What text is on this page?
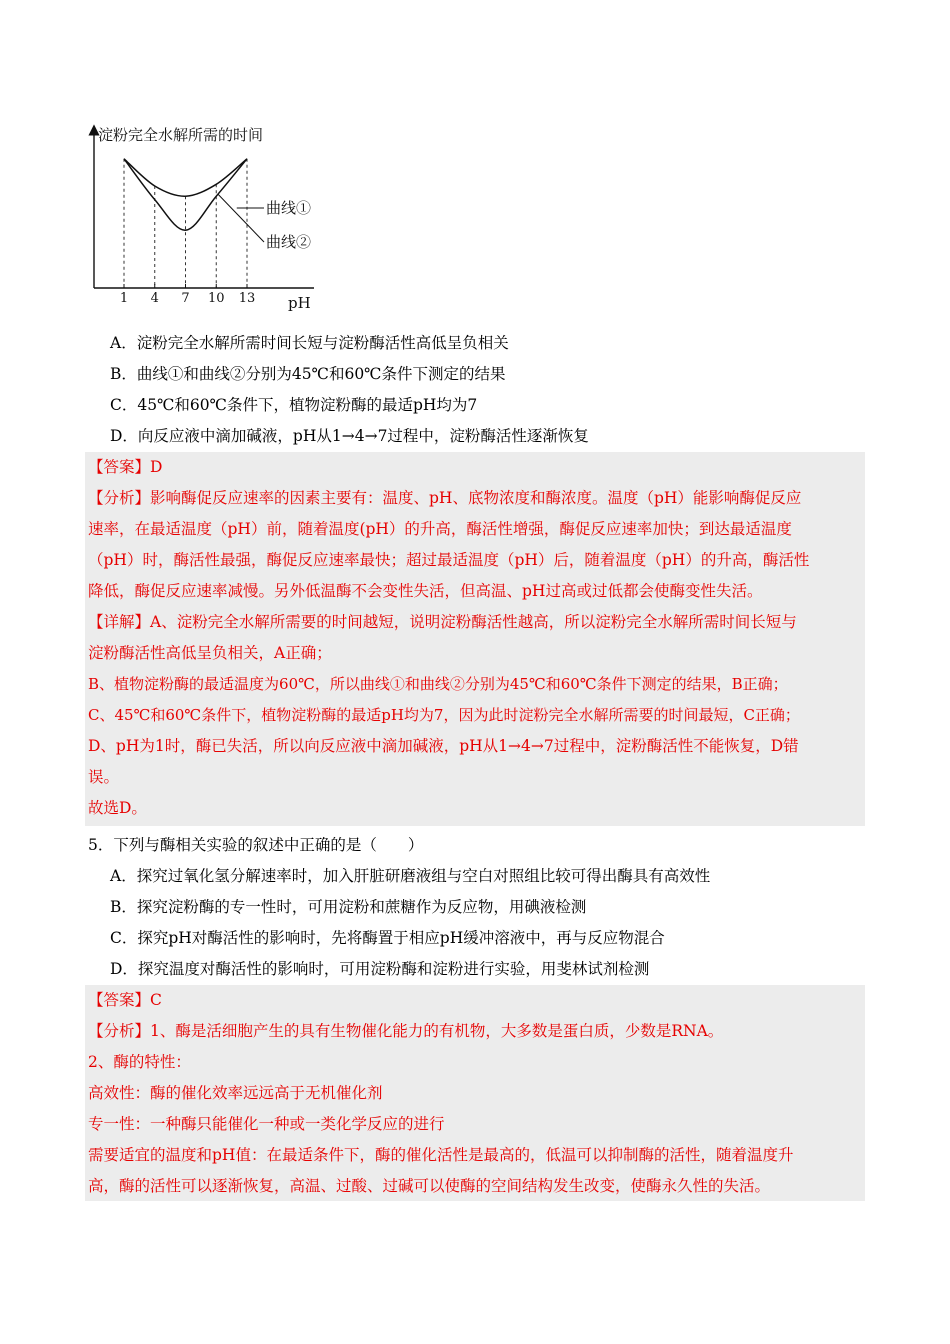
淀粉完全水解所需的时间
pH
1 4 7 10 13
曲线①
曲线②
A．淀粉完全水解所需时间长短与淀粉酶活性高低呈负相关
B．曲线①和曲线②分别为45℃和60℃条件下测定的结果
C．45℃和60℃条件下，植物淀粉酶的最适pH均为7
D．向反应液中滴加碱液，pH从1→4→7过程中，淀粉酶活性逐渐恢复
【答案】D
【分析】影响酶促反应速率的因素主要有：温度、pH、底物浓度和酶浓度。温度（pH）能影响酶促反应
速率，在最适温度（pH）前，随着温度(pH）的升高，酶活性增强，酶促反应速率加快；到达最适温度
（pH）时，酶活性最强，酶促反应速率最快；超过最适温度（pH）后，随着温度（pH）的升高，酶活性
降低，酶促反应速率减慢。另外低温酶不会变性失活，但高温、pH过高或过低都会使酶变性失活。
【详解】A、淀粉完全水解所需要的时间越短，说明淀粉酶活性越高，所以淀粉完全水解所需时间长短与
淀粉酶活性高低呈负相关，A正确；
B、植物淀粉酶的最适温度为60℃，所以曲线①和曲线②分别为45℃和60℃条件下测定的结果，B正确；
C、45℃和60℃条件下，植物淀粉酶的最适pH均为7，因为此时淀粉完全水解所需要的时间最短，C正确；
D、pH为1时，酶已失活，所以向反应液中滴加碱液，pH从1→4→7过程中，淀粉酶活性不能恢复，D错
误。
故选D。
5．下列与酶相关实验的叙述中正确的是（　　）
A．探究过氧化氢分解速率时，加入肝脏研磨液组与空白对照组比较可得出酶具有高效性
B．探究淀粉酶的专一性时，可用淀粉和蔗糖作为反应物，用碘液检测
C．探究pH对酶活性的影响时，先将酶置于相应pH缓冲溶液中，再与反应物混合
D．探究温度对酶活性的影响时，可用淀粉酶和淀粉进行实验，用斐林试剂检测
【答案】C
【分析】1、酶是活细胞产生的具有生物催化能力的有机物，大多数是蛋白质，少数是RNA。
2、酶的特性：
高效性：酶的催化效率远远高于无机催化剂
专一性：一种酶只能催化一种或一类化学反应的进行
需要适宜的温度和pH值：在最适条件下，酶的催化活性是最高的，低温可以抑制酶的活性，随着温度升
高，酶的活性可以逐渐恢复，高温、过酸、过碱可以使酶的空间结构发生改变，使酶永久性的失活。
